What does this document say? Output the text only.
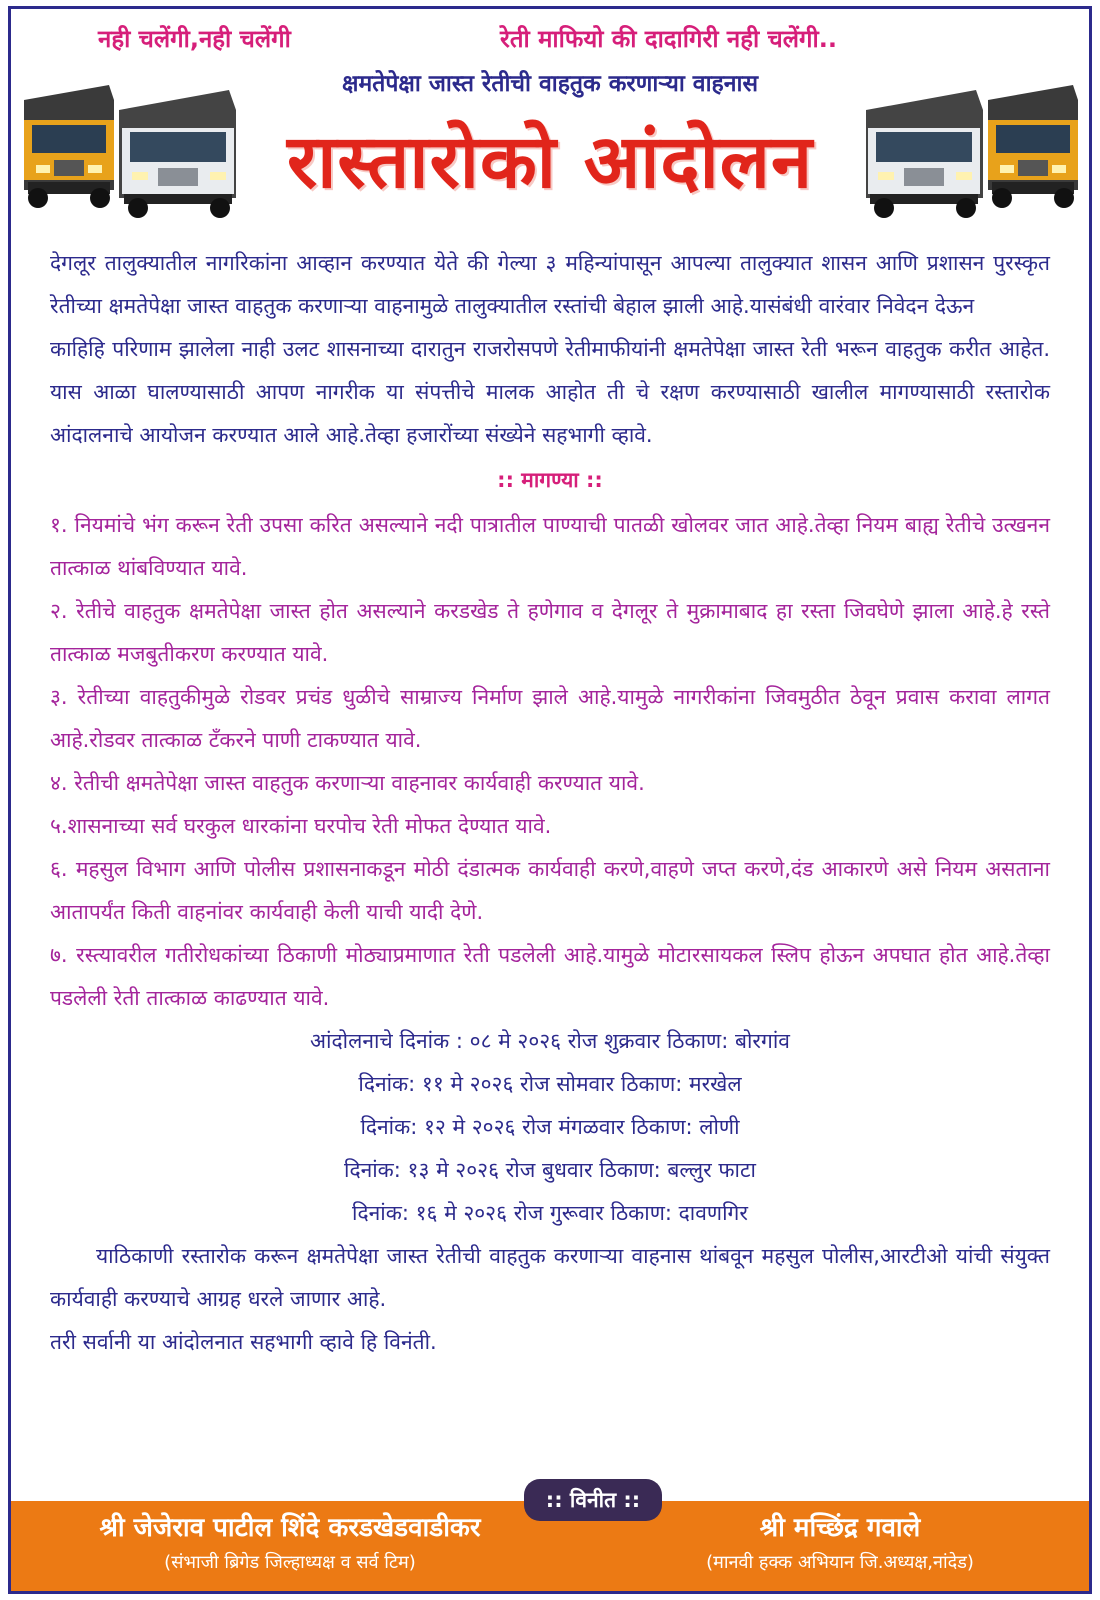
नही चलेंगी,नही चलेंगी	रेती माफियो की दादागिरी नही चलेंगी..
क्षमतेपेक्षा जास्त रेतीची वाहतुक करणाऱ्या वाहनास
रास्तारोको आंदोलन

देगलूर तालुक्यातील नागरिकांना आव्हान करण्यात येते की गेल्या ३ महिन्यांपासून आपल्या तालुक्यात शासन आणि प्रशासन पुरस्कृत रेतीच्या क्षमतेपेक्षा जास्त वाहतुक करणाऱ्या वाहनामुळे तालुक्यातील रस्तांची बेहाल झाली आहे.यासंबंधी वारंवार निवेदन देऊन

काहिहि परिणाम झालेला नाही उलट शासनाच्या दारातुन राजरोसपणे रेतीमाफीयांनी क्षमतेपेक्षा जास्त रेती भरून वाहतुक करीत आहेत. यास आळा घालण्यासाठी आपण नागरीक या संपत्तीचे मालक आहोत ती चे रक्षण करण्यासाठी खालील मागण्यासाठी रस्तारोक आंदालनाचे आयोजन करण्यात आले आहे.तेव्हा हजारोंच्या संख्येने सहभागी व्हावे.

:: मागण्या ::

१. नियमांचे भंग करून रेती उपसा करित असल्याने नदी पात्रातील पाण्याची पातळी खोलवर जात आहे.तेव्हा नियम बाह्य रेतीचे उत्खनन तात्काळ थांबविण्यात यावे.

२. रेतीचे वाहतुक क्षमतेपेक्षा जास्त होत असल्याने करडखेड ते हणेगाव व देगलूर ते मुक्रामाबाद हा रस्ता जिवघेणे झाला आहे.हे रस्ते तात्काळ मजबुतीकरण करण्यात यावे.

३. रेतीच्या वाहतुकीमुळे रोडवर प्रचंड धुळीचे साम्राज्य निर्माण झाले आहे.यामुळे नागरीकांना जिवमुठीत ठेवून प्रवास करावा लागत आहे.रोडवर तात्काळ टँकरने पाणी टाकण्यात यावे.

४. रेतीची क्षमतेपेक्षा जास्त वाहतुक करणाऱ्या वाहनावर कार्यवाही करण्यात यावे.

५.शासनाच्या सर्व घरकुल धारकांना घरपोच रेती मोफत देण्यात यावे.

६. महसुल विभाग आणि पोलीस प्रशासनाकडून मोठी दंडात्मक कार्यवाही करणे,वाहणे जप्त करणे,दंड आकारणे असे नियम असताना आतापर्यंत किती वाहनांवर कार्यवाही केली याची यादी देणे.

७. रस्त्यावरील गतीरोधकांच्या ठिकाणी मोठ्याप्रमाणात रेती पडलेली आहे.यामुळे मोटारसायकल स्लिप होऊन अपघात होत आहे.तेव्हा पडलेली रेती तात्काळ काढण्यात यावे.

आंदोलनाचे दिनांक : ०८ मे २०२६ रोज शुक्रवार ठिकाण: बोरगांव

दिनांक: ११ मे २०२६ रोज सोमवार ठिकाण: मरखेल

दिनांक: १२ मे २०२६ रोज मंगळवार ठिकाण: लोणी

दिनांक: १३ मे २०२६ रोज बुधवार ठिकाण: बल्लुर फाटा

दिनांक: १६ मे २०२६ रोज गुरूवार ठिकाण: दावणगिर

याठिकाणी रस्तारोक करून क्षमतेपेक्षा जास्त रेतीची वाहतुक करणाऱ्या वाहनास थांबवून महसुल पोलीस,आरटीओ यांची संयुक्त कार्यवाही करण्याचे आग्रह धरले जाणार आहे.

तरी सर्वानी या आंदोलनात सहभागी व्हावे हि विनंती.

:: विनीत ::
श्री जेजेराव पाटील शिंदे करडखेडवाडीकर
(संभाजी ब्रिगेड जिल्हाध्यक्ष व सर्व टिम)
श्री मच्छिंद्र गवाले
(मानवी हक्क अभियान जि.अध्यक्ष,नांदेड)
